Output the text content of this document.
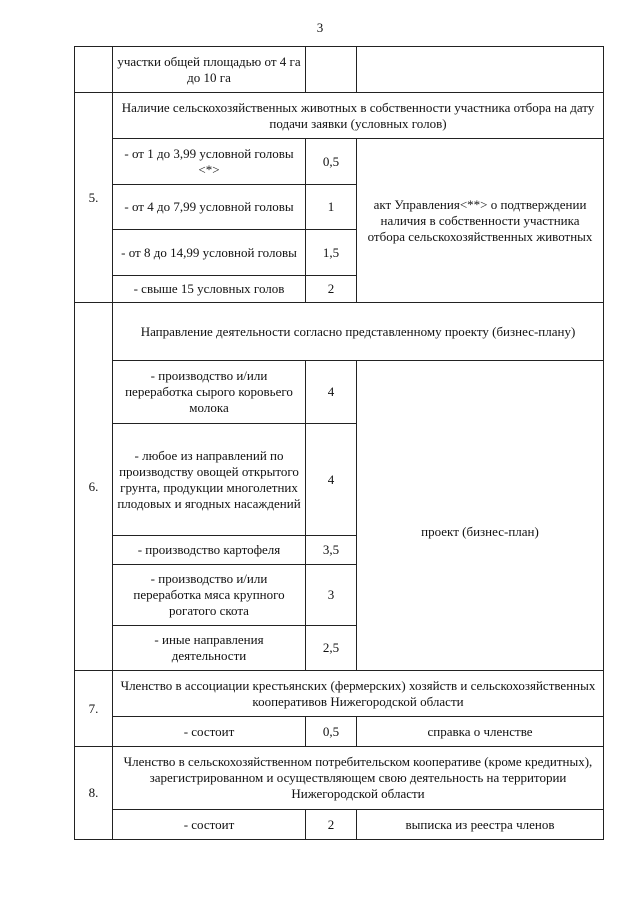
3
	участки общей площадью от 4 га до 10 га		
5.	Наличие сельскохозяйственных животных в собственности участника отбора на дату подачи заявки (условных голов)		
	- от 1 до 3,99 условной головы <*>	0,5	акт Управления<**> о подтверждении наличия в собственности участника отбора сельскохозяйственных животных
	- от 4 до 7,99 условной головы	1	
	- от 8 до 14,99 условной головы	1,5	
	- свыше 15 условных голов	2	
6.	Направление деятельности согласно представленному проекту (бизнес-плану)		
	- производство и/или переработка сырого коровьего молока	4	проект (бизнес-план)
	- любое из направлений по производству овощей открытого грунта, продукции многолетних плодовых и ягодных насаждений	4	
	- производство картофеля	3,5	
	- производство и/или переработка мяса крупного рогатого скота	3	
	- иные направления деятельности	2,5	
7.	Членство в ассоциации крестьянских (фермерских) хозяйств и сельскохозяйственных кооперативов Нижегородской области		
	- состоит	0,5	справка о членстве
8.	Членство в сельскохозяйственном потребительском кооперативе (кроме кредитных), зарегистрированном и осуществляющем свою деятельность на территории Нижегородской области		
	- состоит	2	выписка из реестра членов
